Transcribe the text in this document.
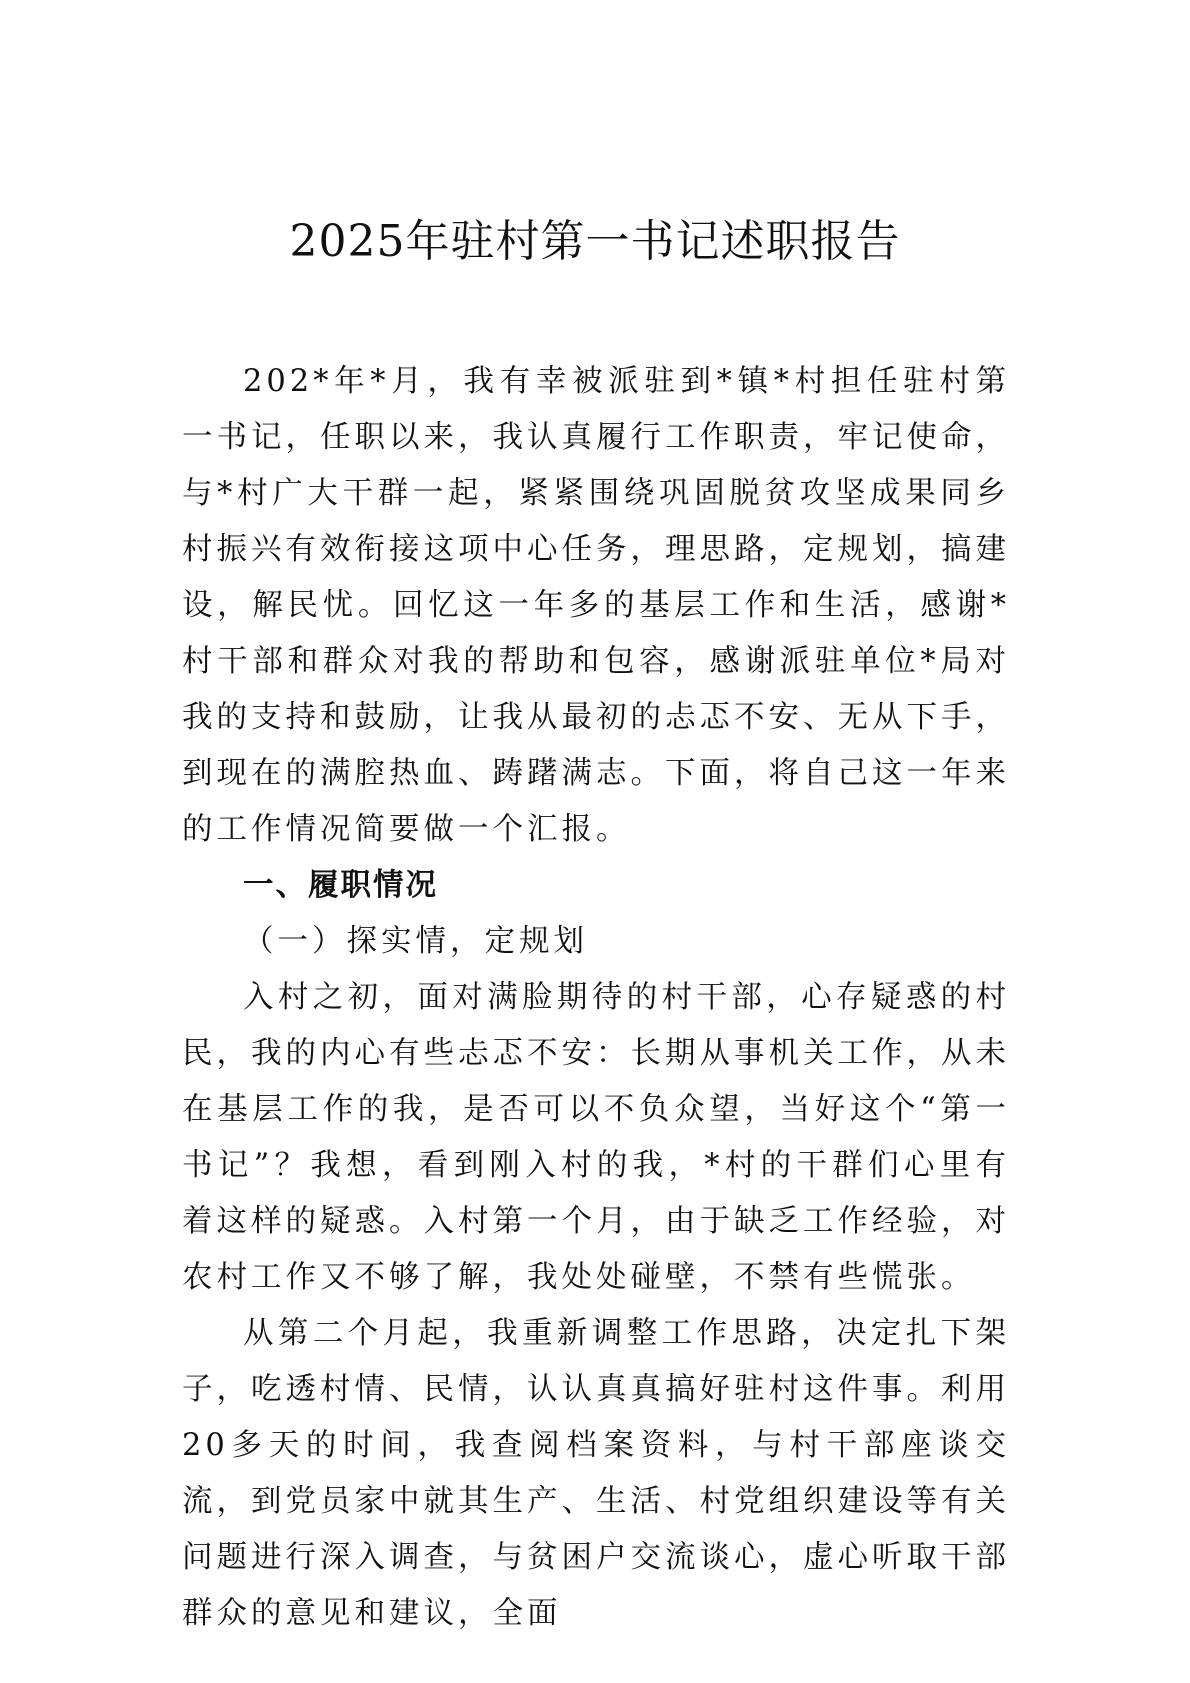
2025年驻村第一书记述职报告

202*年*月，我有幸被派驻到*镇*村担任驻村第一书记，任职以来，我认真履行工作职责，牢记使命，与*村广大干群一起，紧紧围绕巩固脱贫攻坚成果同乡村振兴有效衔接这项中心任务，理思路，定规划，搞建设，解民忧。回忆这一年多的基层工作和生活，感谢*村干部和群众对我的帮助和包容，感谢派驻单位*局对我的支持和鼓励，让我从最初的忐忑不安、无从下手，到现在的满腔热血、踌躇满志。下面，将自己这一年来的工作情况简要做一个汇报。

一、履职情况

（一）探实情，定规划

入村之初，面对满脸期待的村干部，心存疑惑的村民，我的内心有些忐忑不安：长期从事机关工作，从未在基层工作的我，是否可以不负众望，当好这个“第一书记”？我想，看到刚入村的我，*村的干群们心里有着这样的疑惑。入村第一个月，由于缺乏工作经验，对农村工作又不够了解，我处处碰壁，不禁有些慌张。

从第二个月起，我重新调整工作思路，决定扎下架子，吃透村情、民情，认认真真搞好驻村这件事。利用20多天的时间，我查阅档案资料，与村干部座谈交流，到党员家中就其生产、生活、村党组织建设等有关问题进行深入调查，与贫困户交流谈心，虚心听取干部群众的意见和建议，全面
